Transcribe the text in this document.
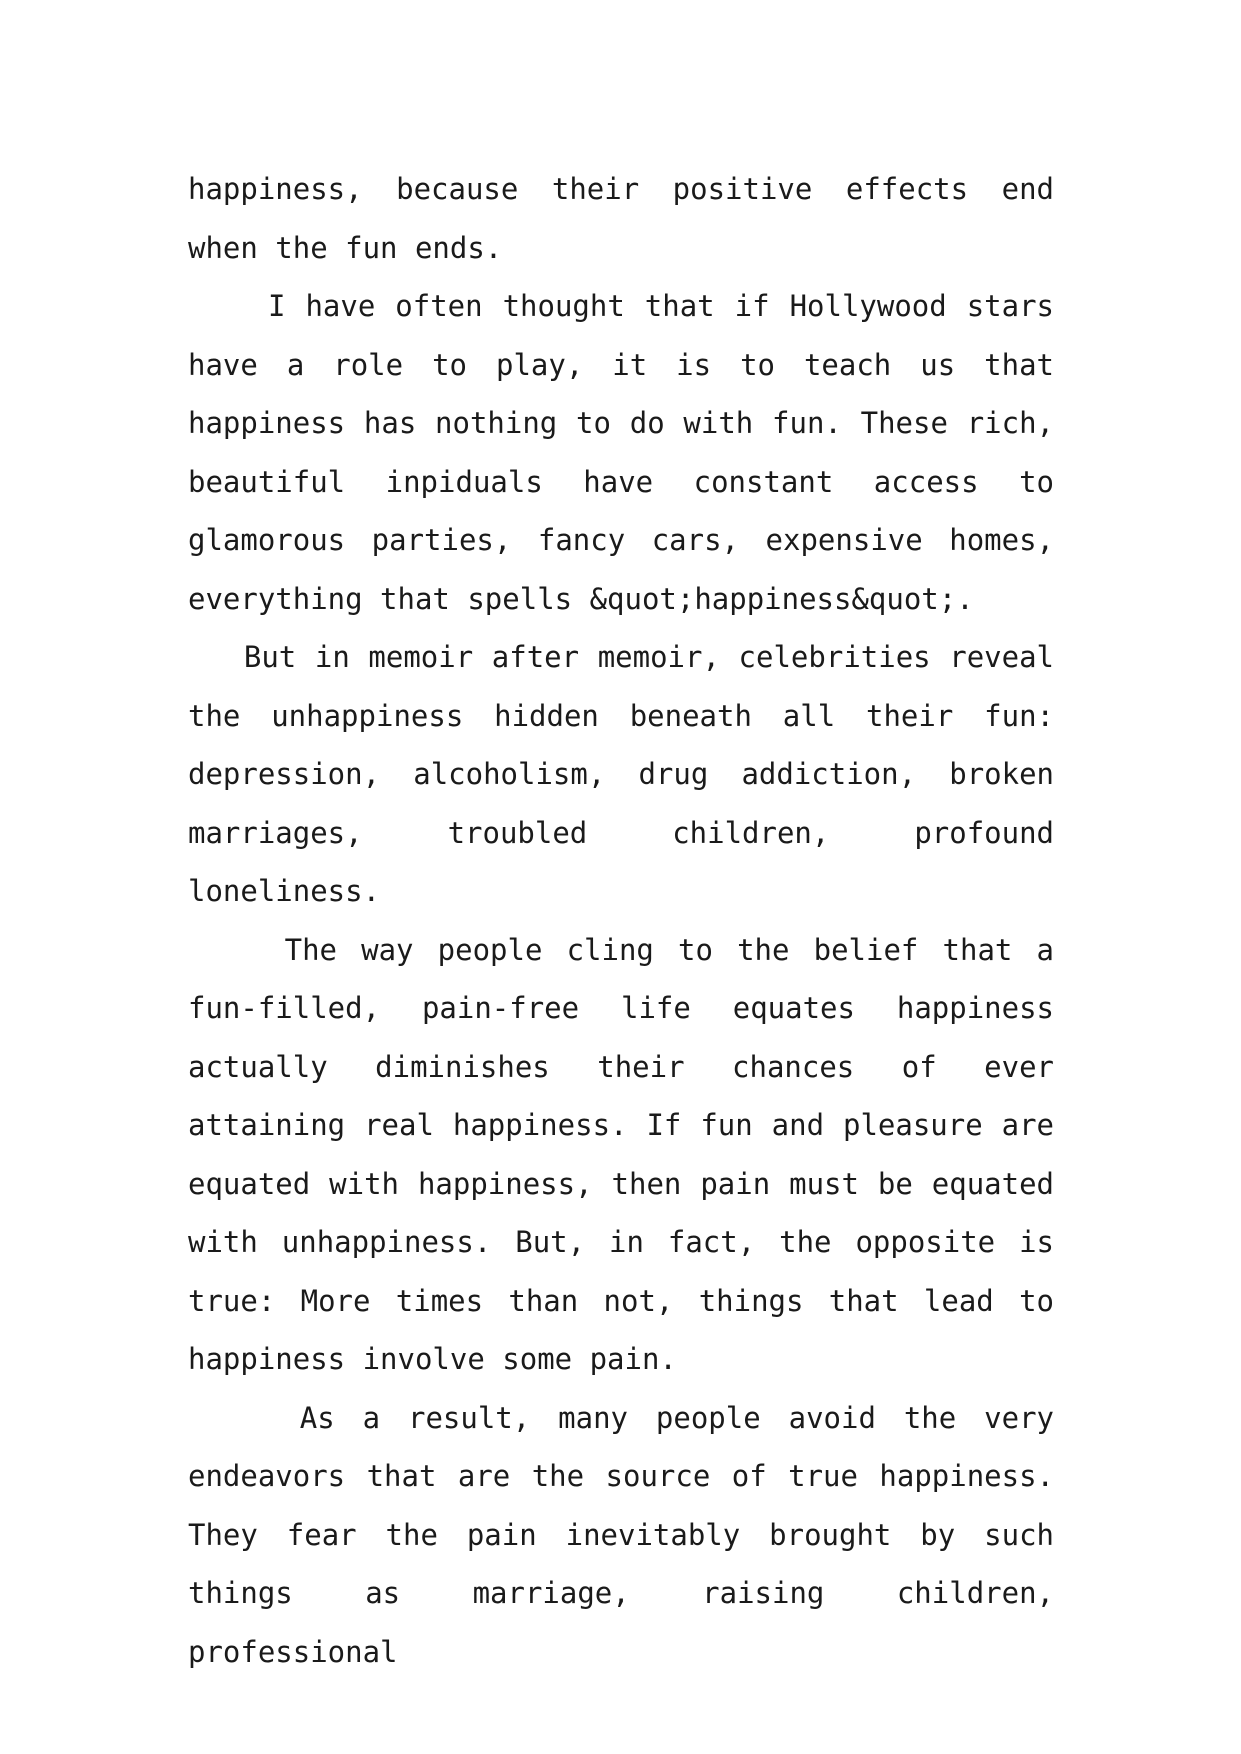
happiness, because their positive effects end when the fun ends.

I have often thought that if Hollywood stars have a role to play, it is to teach us that happiness has nothing to do with fun. These rich, beautiful inpiduals have constant access to glamorous parties, fancy cars, expensive homes, everything that spells &quot;happiness&quot;.

But in memoir after memoir, celebrities reveal the unhappiness hidden beneath all their fun: depression, alcoholism, drug addiction, broken marriages, troubled children, profound loneliness.

The way people cling to the belief that a fun-filled, pain-free life equates happiness actually diminishes their chances of ever attaining real happiness. If fun and pleasure are equated with happiness, then pain must be equated with unhappiness. But, in fact, the opposite is true: More times than not, things that lead to happiness involve some pain.

As a result, many people avoid the very endeavors that are the source of true happiness. They fear the pain inevitably brought by such things as marriage, raising children, professional
